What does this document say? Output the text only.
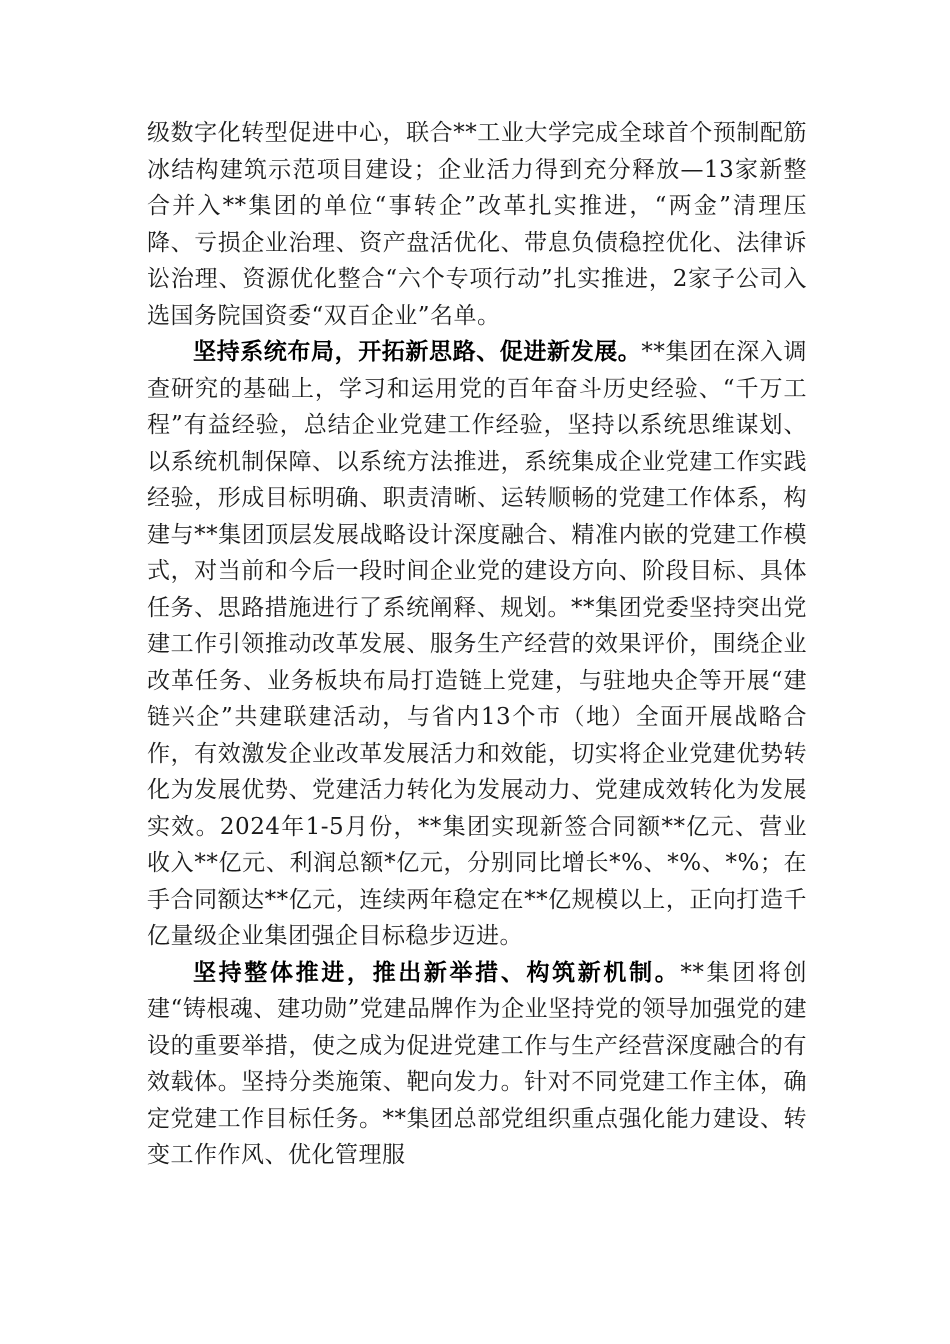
级数字化转型促进中心，联合**工业大学完成全球首个预制配筋冰结构建筑示范项目建设；企业活力得到充分释放—13家新整合并入**集团的单位“事转企”改革扎实推进，“两金”清理压降、亏损企业治理、资产盘活优化、带息负债稳控优化、法律诉讼治理、资源优化整合“六个专项行动”扎实推进，2家子公司入选国务院国资委“双百企业”名单。

坚持系统布局，开拓新思路、促进新发展。**集团在深入调查研究的基础上，学习和运用党的百年奋斗历史经验、“千万工程”有益经验，总结企业党建工作经验，坚持以系统思维谋划、以系统机制保障、以系统方法推进，系统集成企业党建工作实践经验，形成目标明确、职责清晰、运转顺畅的党建工作体系，构建与**集团顶层发展战略设计深度融合、精准内嵌的党建工作模式，对当前和今后一段时间企业党的建设方向、阶段目标、具体任务、思路措施进行了系统阐释、规划。**集团党委坚持突出党建工作引领推动改革发展、服务生产经营的效果评价，围绕企业改革任务、业务板块布局打造链上党建，与驻地央企等开展“建链兴企”共建联建活动，与省内13个市（地）全面开展战略合作，有效激发企业改革发展活力和效能，切实将企业党建优势转化为发展优势、党建活力转化为发展动力、党建成效转化为发展实效。2024年1-5月份，**集团实现新签合同额**亿元、营业收入**亿元、利润总额*亿元，分别同比增长*%、*%、*%；在手合同额达**亿元，连续两年稳定在**亿规模以上，正向打造千亿量级企业集团强企目标稳步迈进。

坚持整体推进，推出新举措、构筑新机制。**集团将创建“铸根魂、建功勋”党建品牌作为企业坚持党的领导加强党的建设的重要举措，使之成为促进党建工作与生产经营深度融合的有效载体。坚持分类施策、靶向发力。针对不同党建工作主体，确定党建工作目标任务。**集团总部党组织重点强化能力建设、转变工作作风、优化管理服
